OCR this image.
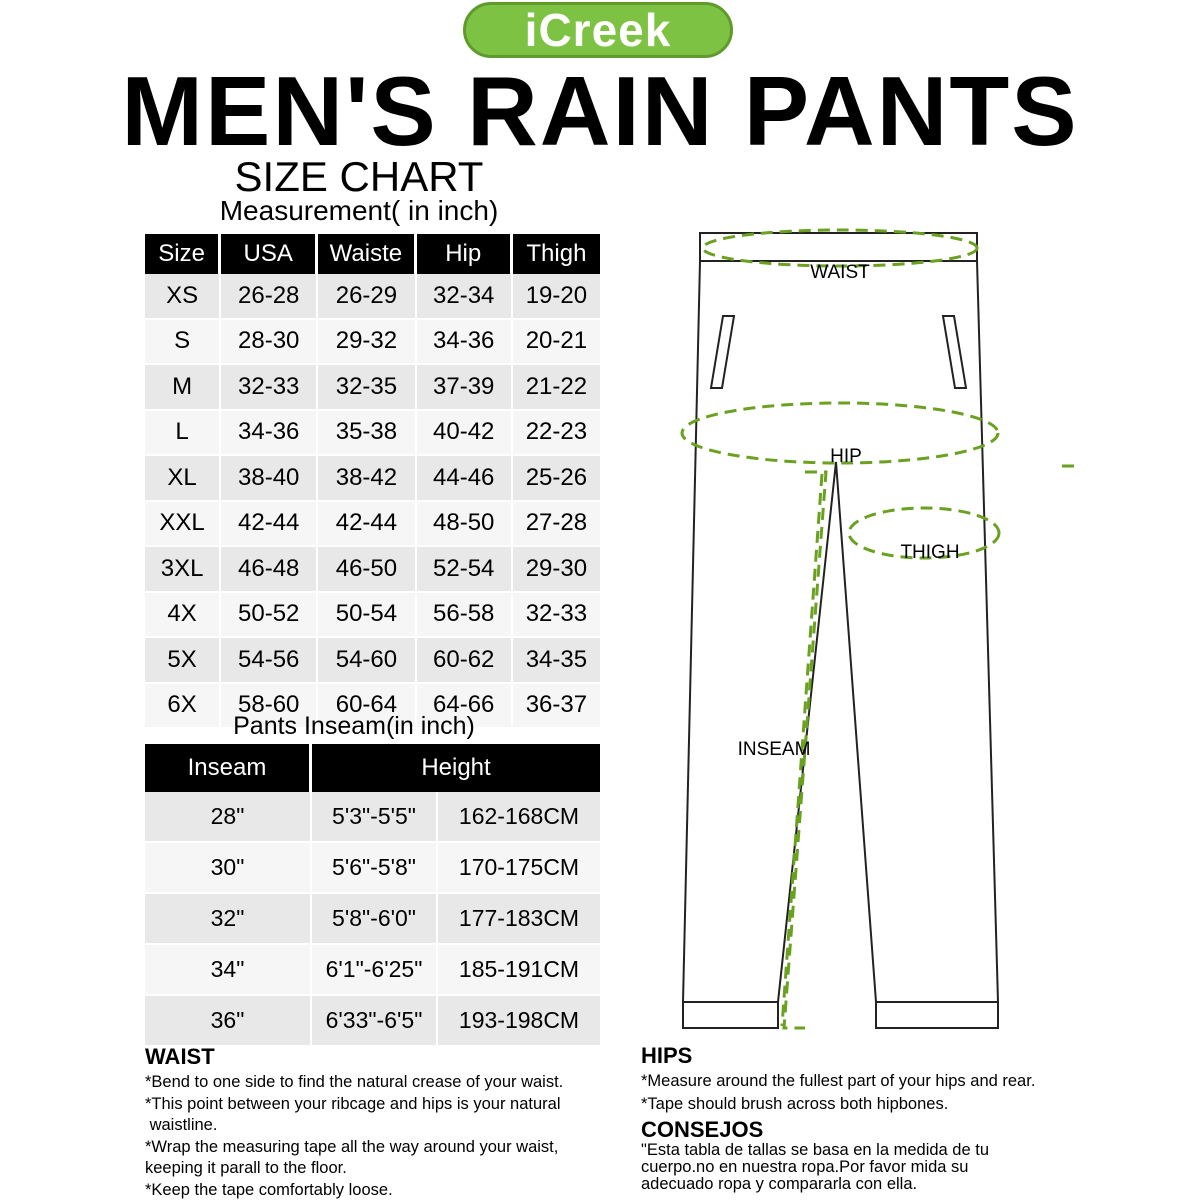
iCreek
MEN'S RAIN PANTS
SIZE CHART
Measurement( in inch)
Size	USA	Waiste	Hip	Thigh
XS	26-28	26-29	32-34	19-20
S	28-30	29-32	34-36	20-21
M	32-33	32-35	37-39	21-22
L	34-36	35-38	40-42	22-23
XL	38-40	38-42	44-46	25-26
XXL	42-44	42-44	48-50	27-28
3XL	46-48	46-50	52-54	29-30
4X	50-52	50-54	56-58	32-33
5X	54-56	54-60	60-62	34-35
6X	58-60	60-64	64-66	36-37
Pants Inseam(in inch)
Inseam	Height	
28"	5'3"-5'5"	162-168CM
30"	5'6"-5'8"	170-175CM
32"	5'8"-6'0"	177-183CM
34"	6'1"-6'25"	185-191CM
36"	6'33"-6'5"	193-198CM
WAIST
HIP
THIGH
INSEAM
WAIST
*Bend to one side to find the natural crease of your waist.
*This point between your ribcage and hips is your natural
waistline.
*Wrap the measuring tape all the way around your waist,
keeping it parall to the floor.
*Keep the tape comfortably loose.
HIPS
*Measure around the fullest part of your hips and rear.
*Tape should brush across both hipbones.
CONSEJOS
"Esta tabla de tallas se basa en la medida de tu
cuerpo.no en nuestra ropa.Por favor mida su
adecuado ropa y compararla con ella.
